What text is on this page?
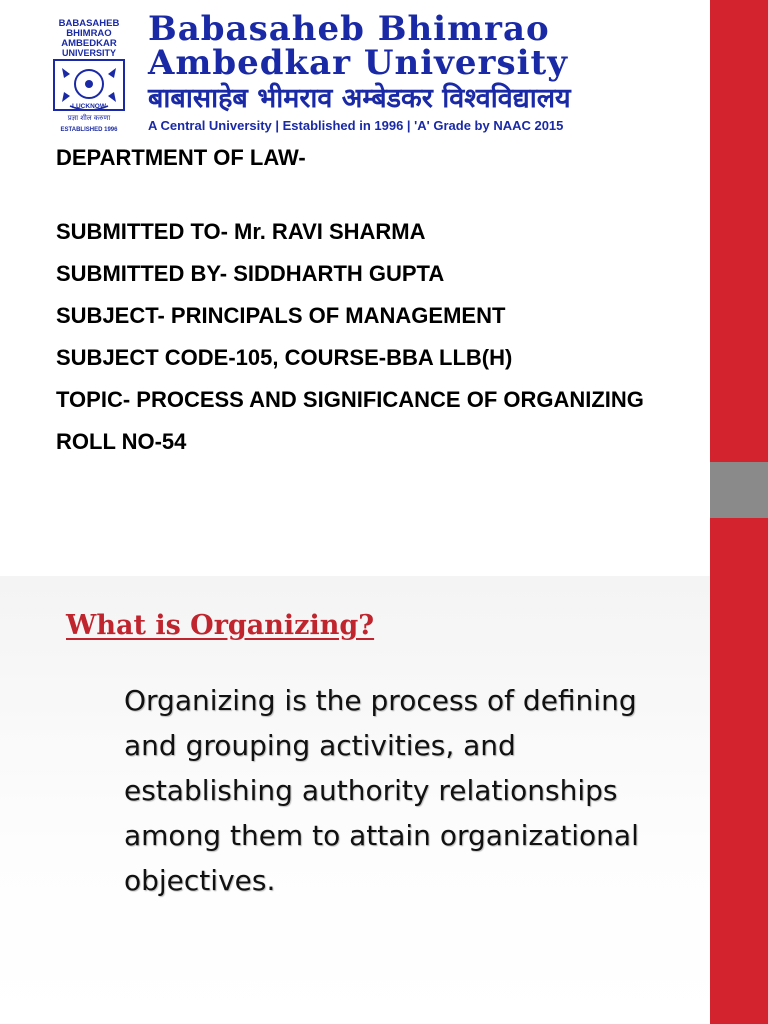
BABASAHEB
BHIMRAO
AMBEDKAR
UNIVERSITY
LUCKNOW
प्रज्ञा शील करुणा
ESTABLISHED 1996
Babasaheb Bhimrao
Ambedkar University
बाबासाहेब भीमराव अम्बेडकर विश्वविद्यालय
A Central University | Established in 1996 | 'A' Grade by NAAC 2015
DEPARTMENT OF LAW-
SUBMITTED TO- Mr. RAVI SHARMA
SUBMITTED BY- SIDDHARTH GUPTA
SUBJECT- PRINCIPALS OF MANAGEMENT
SUBJECT CODE-105, COURSE-BBA LLB(H)
TOPIC- PROCESS AND SIGNIFICANCE OF ORGANIZING
ROLL NO-54
What is Organizing?
Organizing is the process of defining and grouping activities, and establishing authority relationships among them to attain organizational objectives.
